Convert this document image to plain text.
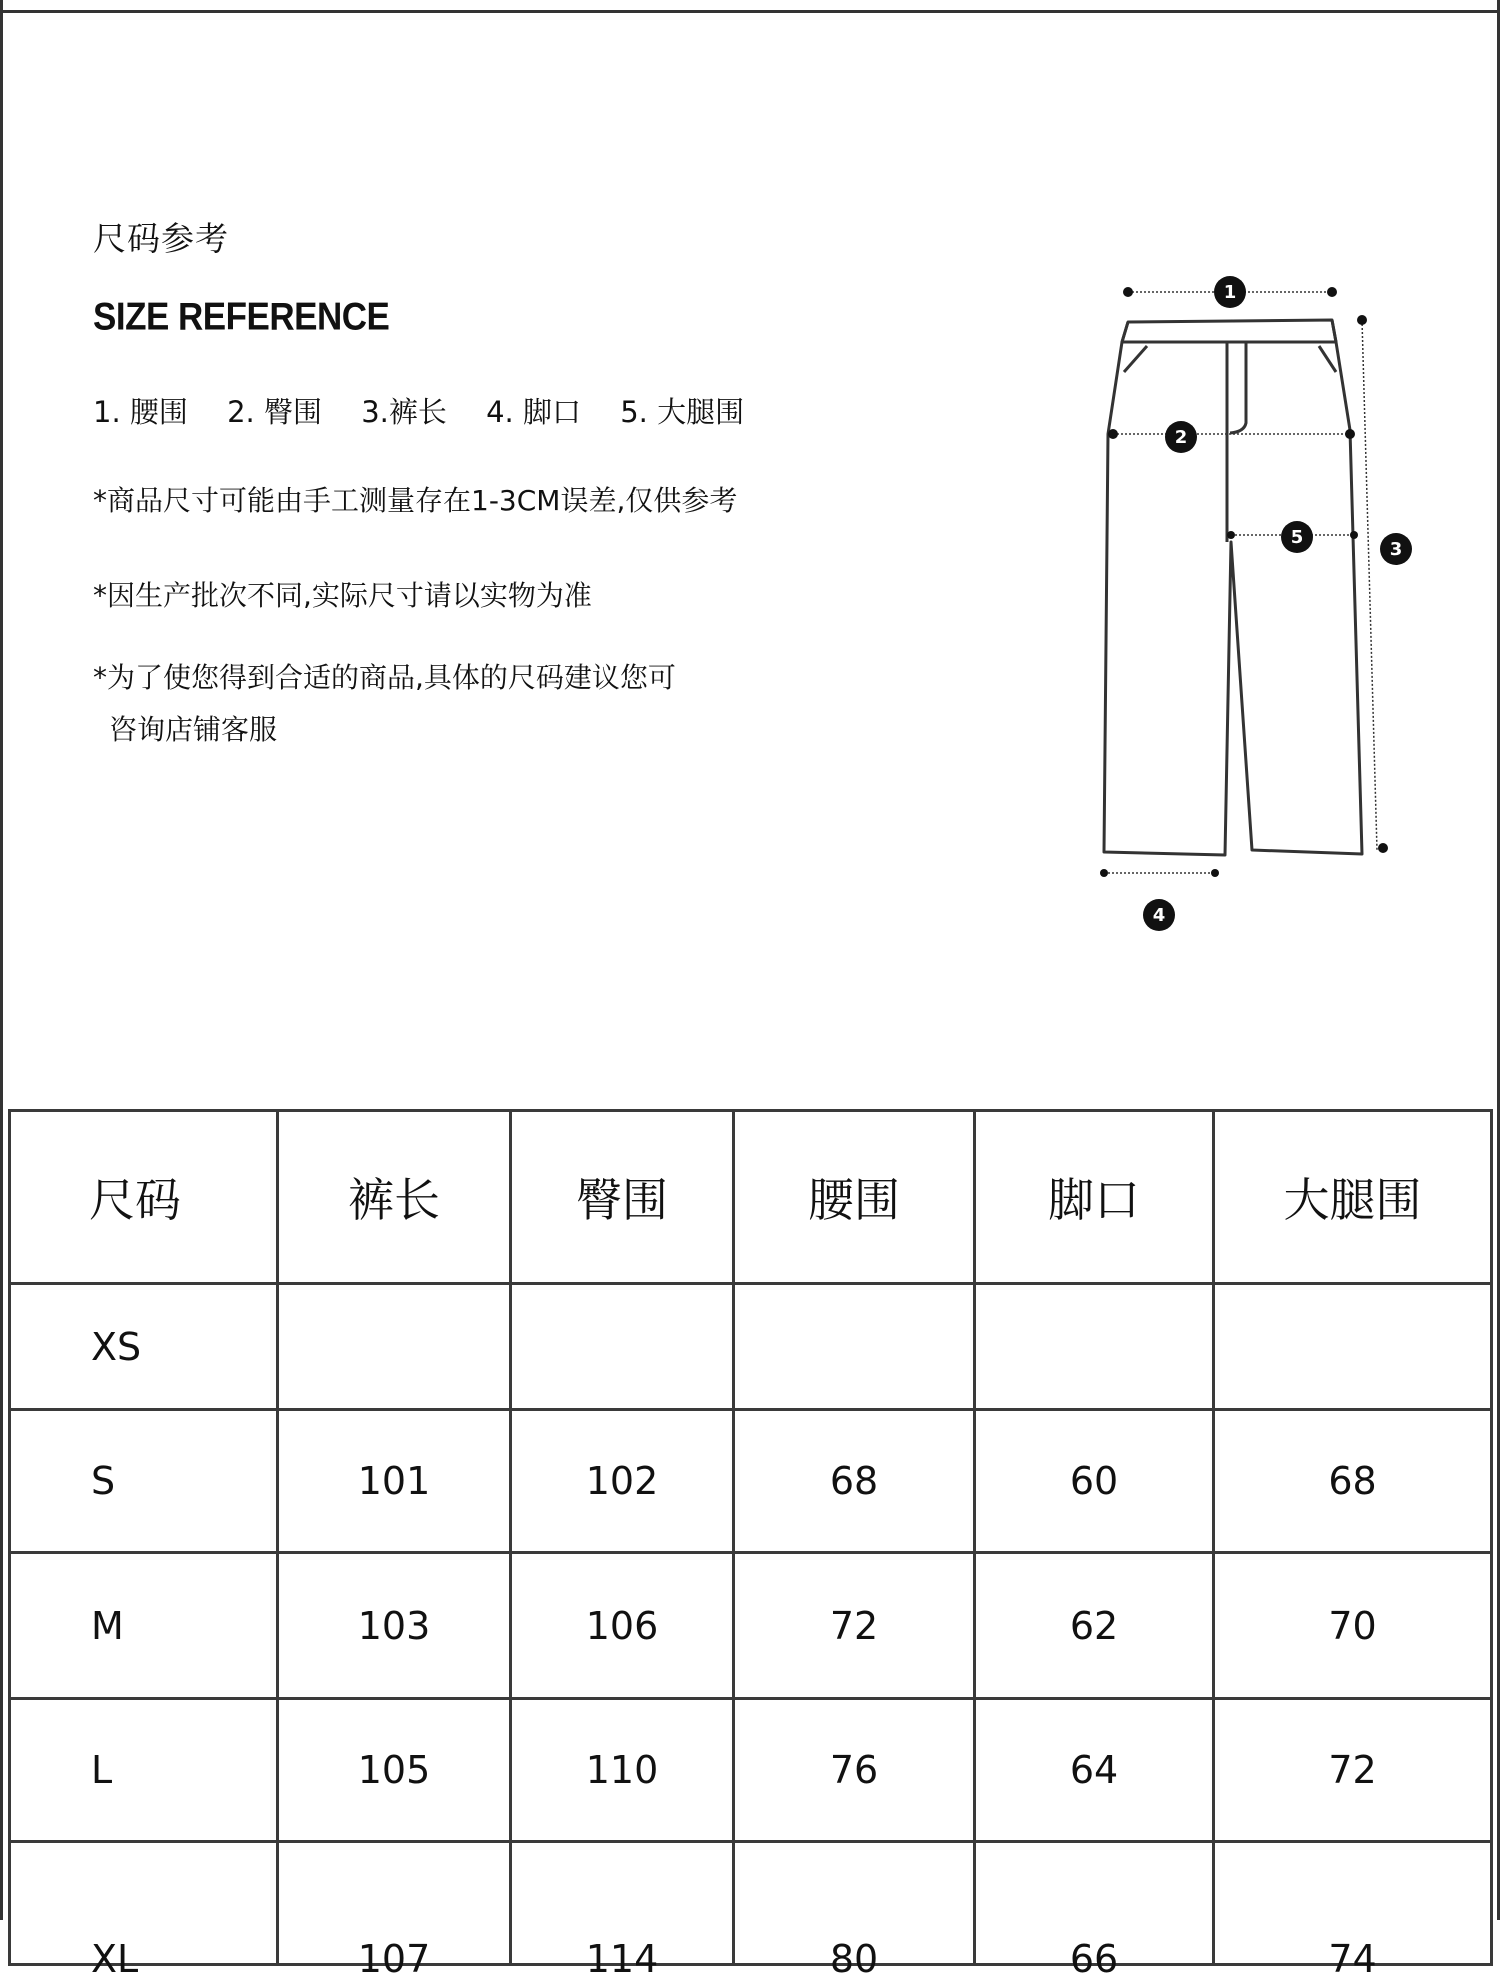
尺码参考
SIZE REFERENCE
1. 腰围 2. 臀围 3.裤长 4. 脚口 5. 大腿围
*商品尺寸可能由手工测量存在1-3CM误差,仅供参考
*因生产批次不同,实际尺寸请以实物为准
*为了使您得到合适的商品,具体的尺码建议您可
咨询店铺客服
1
2
3
4
5
尺码	裤长	臀围	腰围	脚口	大腿围
XS					
S	101	102	68	60	68
M	103	106	72	62	70
L	105	110	76	64	72
XL	107	114	80	66	74
